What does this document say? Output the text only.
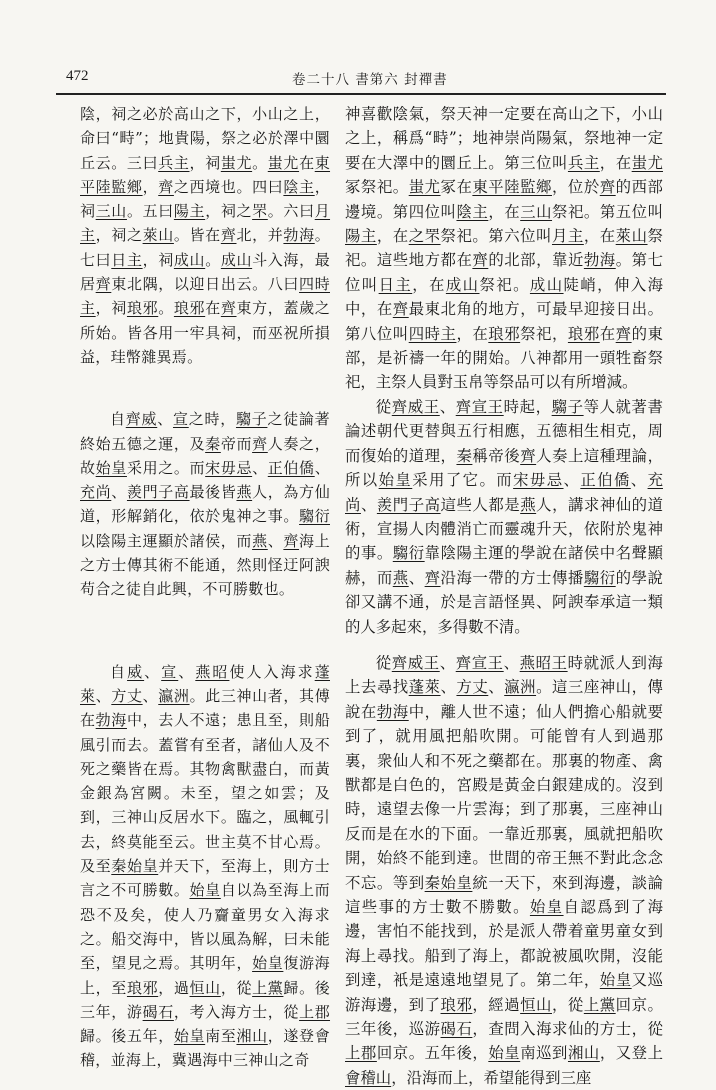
472	卷二十八 書第六 封禪書

陰，祠之必於高山之下，小山之上，命曰“畤”；地貴陽，祭之必於澤中圜丘云。三曰兵主，祠蚩尤。蚩尤在東平陸監鄉，齊之西境也。四曰陰主，祠三山。五曰陽主，祠之罘。六曰月主，祠之萊山。皆在齊北，并勃海。七曰日主，祠成山。成山斗入海，最居齊東北隅，以迎日出云。八曰四時主，祠琅邪。琅邪在齊東方，蓋歲之所始。皆各用一牢具祠，而巫祝所損益，珪幣雜異焉。

自齊威、宣之時，騶子之徒論著終始五德之運，及秦帝而齊人奏之，故始皇采用之。而宋毋忌、正伯僑、充尚、羨門子高最後皆燕人，為方仙道，形解銷化，依於鬼神之事。騶衍以陰陽主運顯於諸侯，而燕、齊海上之方士傳其術不能通，然則怪迂阿諛苟合之徒自此興，不可勝數也。

自威、宣、燕昭使人入海求蓬萊、方丈、瀛洲。此三神山者，其傅在勃海中，去人不遠；患且至，則船風引而去。蓋嘗有至者，諸仙人及不死之藥皆在焉。其物禽獸盡白，而黃金銀為宮闕。未至，望之如雲；及到，三神山反居水下。臨之，風輒引去，終莫能至云。世主莫不甘心焉。及至秦始皇并天下，至海上，則方士言之不可勝數。始皇自以為至海上而恐不及矣，使人乃齎童男女入海求之。船交海中，皆以風為解，曰未能至，望見之焉。其明年，始皇復游海上，至琅邪，過恒山，從上黨歸。後三年，游碣石，考入海方士，從上郡歸。後五年，始皇南至湘山，遂登會稽，並海上，冀遇海中三神山之奇

神喜歡陰氣，祭天神一定要在高山之下，小山之上，稱爲“畤”；地神崇尚陽氣，祭地神一定要在大澤中的圜丘上。第三位叫兵主，在蚩尤冢祭祀。蚩尤冢在東平陸監鄉，位於齊的西部邊境。第四位叫陰主，在三山祭祀。第五位叫陽主，在之罘祭祀。第六位叫月主，在萊山祭祀。這些地方都在齊的北部，靠近勃海。第七位叫日主，在成山祭祀。成山陡峭，伸入海中，在齊最東北角的地方，可最早迎接日出。第八位叫四時主，在琅邪祭祀，琅邪在齊的東部，是祈禱一年的開始。八神都用一頭牲畜祭祀，主祭人員對玉帛等祭品可以有所增減。

從齊威王、齊宣王時起，騶子等人就著書論述朝代更替與五行相應，五德相生相克，周而復始的道理，秦稱帝後齊人奏上這種理論，所以始皇采用了它。而宋毋忌、正伯僑、充尚、羨門子高這些人都是燕人，講求神仙的道術，宣揚人肉體消亡而靈魂升天，依附於鬼神的事。騶衍靠陰陽主運的學說在諸侯中名聲顯赫，而燕、齊沿海一帶的方士傳播騶衍的學說卻又講不通，於是言語怪異、阿諛奉承這一類的人多起來，多得數不清。

從齊威王、齊宣王、燕昭王時就派人到海上去尋找蓬萊、方丈、瀛洲。這三座神山，傳說在勃海中，離人世不遠；仙人們擔心船就要到了，就用風把船吹開。可能曾有人到過那裏，衆仙人和不死之藥都在。那裏的物產、禽獸都是白色的，宮殿是黃金白銀建成的。沒到時，遠望去像一片雲海；到了那裏，三座神山反而是在水的下面。一靠近那裏，風就把船吹開，始終不能到達。世間的帝王無不對此念念不忘。等到秦始皇統一天下，來到海邊，談論這些事的方士數不勝數。始皇自認爲到了海邊，害怕不能找到，於是派人帶着童男童女到海上尋找。船到了海上，都說被風吹開，沒能到達，衹是遠遠地望見了。第二年，始皇又巡游海邊，到了琅邪，經過恒山，從上黨回京。三年後，巡游碣石，查問入海求仙的方士，從上郡回京。五年後，始皇南巡到湘山，又登上會稽山，沿海而上，希望能得到三座
